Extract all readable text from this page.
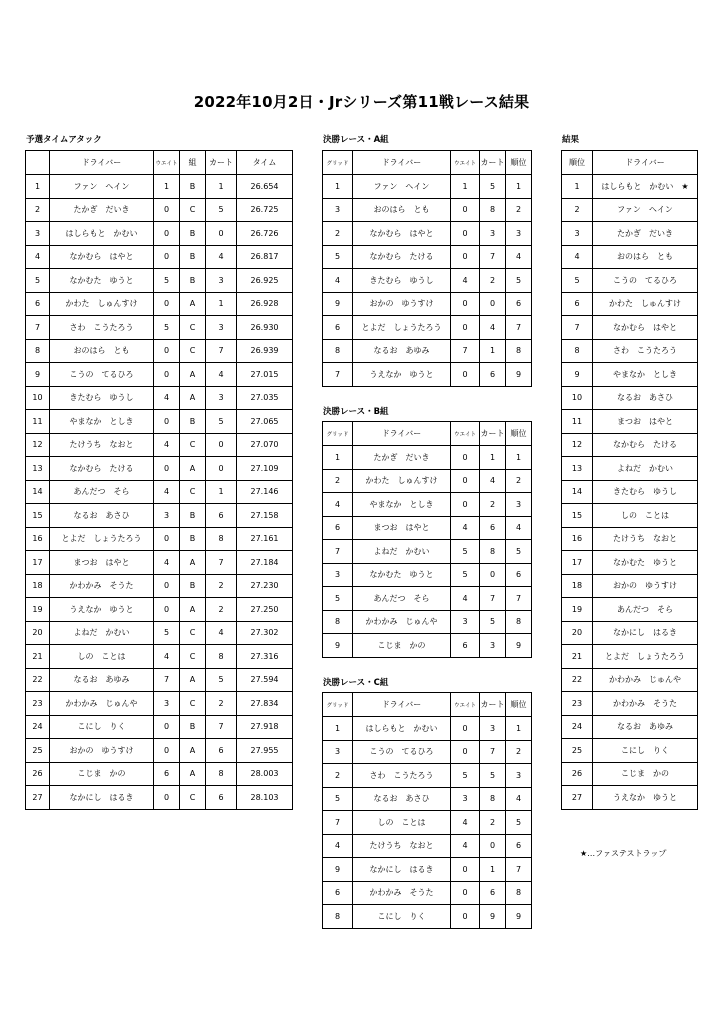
2022年10月2日・Jrシリーズ第11戦レース結果
予選タイムアタック
	ドライバー	ウエイト	組	カート	タイム
1	ファン　ヘイン	1	B	1	26.654
2	たかぎ　だいき	0	C	5	26.725
3	はしらもと　かむい	0	B	0	26.726
4	なかむら　はやと	0	B	4	26.817
5	なかむた　ゆうと	5	B	3	26.925
6	かわた　しゅんすけ	0	A	1	26.928
7	さわ　こうたろう	5	C	3	26.930
8	おのはら　とも	0	C	7	26.939
9	こうの　てるひろ	0	A	4	27.015
10	きたむら　ゆうし	4	A	3	27.035
11	やまなか　としき	0	B	5	27.065
12	たけうち　なおと	4	C	0	27.070
13	なかむら　たける	0	A	0	27.109
14	あんだつ　そら	4	C	1	27.146
15	なるお　あさひ	3	B	6	27.158
16	とよだ　しょうたろう	0	B	8	27.161
17	まつお　はやと	4	A	7	27.184
18	かわかみ　そうた	0	B	2	27.230
19	うえなか　ゆうと	0	A	2	27.250
20	よねだ　かむい	5	C	4	27.302
21	しの　ことは	4	C	8	27.316
22	なるお　あゆみ	7	A	5	27.594
23	かわかみ　じゅんや	3	C	2	27.834
24	こにし　りく	0	B	7	27.918
25	おかの　ゆうすけ	0	A	6	27.955
26	こじま　かの	6	A	8	28.003
27	なかにし　はるき	0	C	6	28.103
決勝レース・A組
グリッド	ドライバー	ウエイト	カート	順位
1	ファン　ヘイン	1	5	1
3	おのはら　とも	0	8	2
2	なかむら　はやと	0	3	3
5	なかむら　たける	0	7	4
4	きたむら　ゆうし	4	2	5
9	おかの　ゆうすけ	0	0	6
6	とよだ　しょうたろう	0	4	7
8	なるお　あゆみ	7	1	8
7	うえなか　ゆうと	0	6	9
決勝レース・B組
グリッド	ドライバー	ウエイト	カート	順位
1	たかぎ　だいき	0	1	1
2	かわた　しゅんすけ	0	4	2
4	やまなか　としき	0	2	3
6	まつお　はやと	4	6	4
7	よねだ　かむい	5	8	5
3	なかむた　ゆうと	5	0	6
5	あんだつ　そら	4	7	7
8	かわかみ　じゅんや	3	5	8
9	こじま　かの	6	3	9
決勝レース・C組
グリッド	ドライバー	ウエイト	カート	順位
1	はしらもと　かむい	0	3	1
3	こうの　てるひろ	0	7	2
2	さわ　こうたろう	5	5	3
5	なるお　あさひ	3	8	4
7	しの　ことは	4	2	5
4	たけうち　なおと	4	0	6
9	なかにし　はるき	0	1	7
6	かわかみ　そうた	0	6	8
8	こにし　りく	0	9	9
結果
順位	ドライバー
1	はしらもと　かむい　★
2	ファン　ヘイン
3	たかぎ　だいき
4	おのはら　とも
5	こうの　てるひろ
6	かわた　しゅんすけ
7	なかむら　はやと
8	さわ　こうたろう
9	やまなか　としき
10	なるお　あさひ
11	まつお　はやと
12	なかむら　たける
13	よねだ　かむい
14	きたむら　ゆうし
15	しの　ことは
16	たけうち　なおと
17	なかむた　ゆうと
18	おかの　ゆうすけ
19	あんだつ　そら
20	なかにし　はるき
21	とよだ　しょうたろう
22	かわかみ　じゅんや
23	かわかみ　そうた
24	なるお　あゆみ
25	こにし　りく
26	こじま　かの
27	うえなか　ゆうと
★…ファステストラップ
